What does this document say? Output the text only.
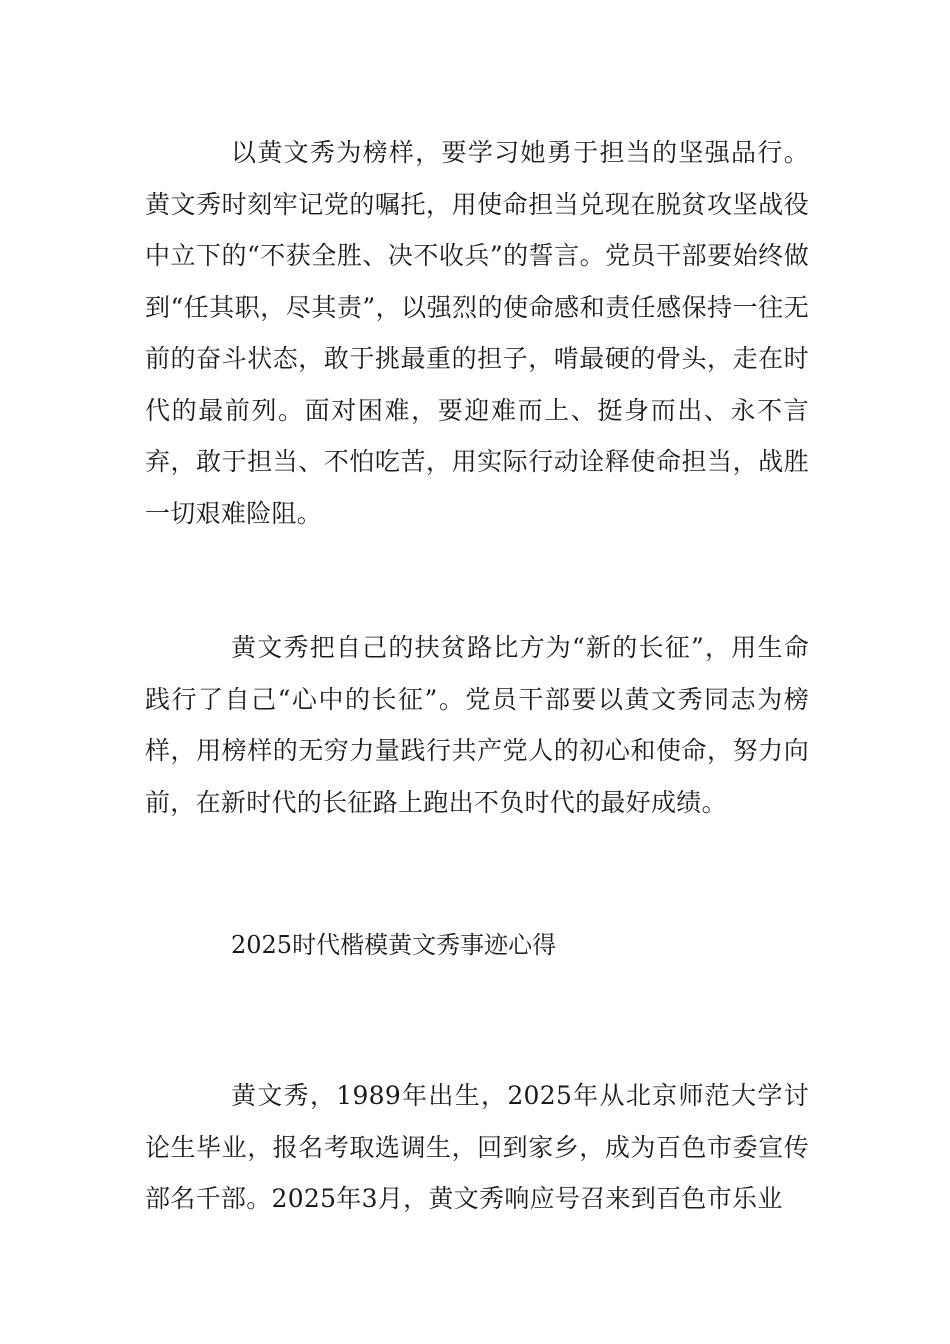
以黄文秀为榜样，要学习她勇于担当的坚强品行。黄文秀时刻牢记党的嘱托，用使命担当兑现在脱贫攻坚战役中立下的“不获全胜、决不收兵”的誓言。党员干部要始终做到“任其职，尽其责”，以强烈的使命感和责任感保持一往无前的奋斗状态，敢于挑最重的担子，啃最硬的骨头，走在时代的最前列。面对困难，要迎难而上、挺身而出、永不言弃，敢于担当、不怕吃苦，用实际行动诠释使命担当，战胜一切艰难险阻。

黄文秀把自己的扶贫路比方为“新的长征”，用生命践行了自己“心中的长征”。党员干部要以黄文秀同志为榜样，用榜样的无穷力量践行共产党人的初心和使命，努力向前，在新时代的长征路上跑出不负时代的最好成绩。

2025时代楷模黄文秀事迹心得

黄文秀，1989年出生，2025年从北京师范大学讨论生毕业，报名考取选调生，回到家乡，成为百色市委宣传部名千部。2025年3月，黄文秀响应号召来到百色市乐业
